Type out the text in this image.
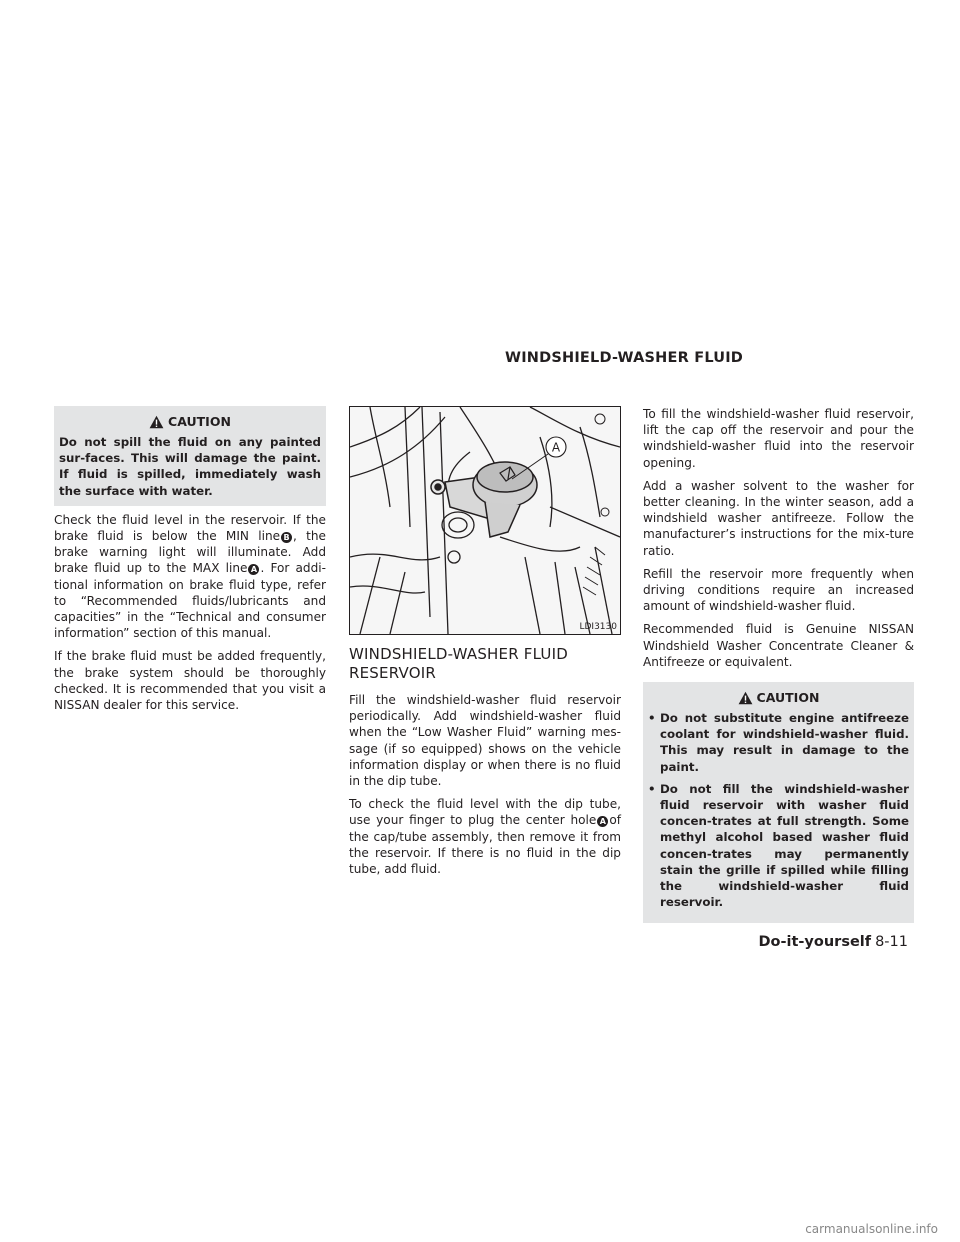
WINDSHIELD-WASHER FLUID
CAUTION
Do not spill the fluid on any painted sur-faces. This will damage the paint. If fluid is spilled, immediately wash the surface with water.

Check the fluid level in the reservoir. If the brake fluid is below the MIN line B , the brake warning light will illuminate. Add brake fluid up to the MAX line A . For addi-tional information on brake fluid type, refer to “Recommended fluids/lubricants and capacities” in the “Technical and consumer information” section of this manual.

If the brake fluid must be added frequently, the brake system should be thoroughly checked. It is recommended that you visit a NISSAN dealer for this service.

A
LDI3130
WINDSHIELD-WASHER FLUID
RESERVOIR

Fill the windshield-washer fluid reservoir periodically. Add windshield-washer fluid when the “Low Washer Fluid” warning mes-sage (if so equipped) shows on the vehicle information display or when there is no fluid in the dip tube.

To check the fluid level with the dip tube, use your finger to plug the center hole A of the cap/tube assembly, then remove it from the reservoir. If there is no fluid in the dip tube, add fluid.

To fill the windshield-washer fluid reservoir, lift the cap off the reservoir and pour the windshield-washer fluid into the reservoir opening.

Add a washer solvent to the washer for better cleaning. In the winter season, add a windshield washer antifreeze. Follow the manufacturer’s instructions for the mix-ture ratio.

Refill the reservoir more frequently when driving conditions require an increased amount of windshield-washer fluid.

Recommended fluid is Genuine NISSAN Windshield Washer Concentrate Cleaner & Antifreeze or equivalent.

CAUTION
• Do not substitute engine antifreeze coolant for windshield-washer fluid. This may result in damage to the paint.
• Do not fill the windshield-washer fluid reservoir with washer fluid concen-trates at full strength. Some methyl alcohol based washer fluid concen-trates may permanently stain the grille if spilled while filling the windshield-washer fluid reservoir.
Do-it-yourself 8-11
carmanualsonline.info
